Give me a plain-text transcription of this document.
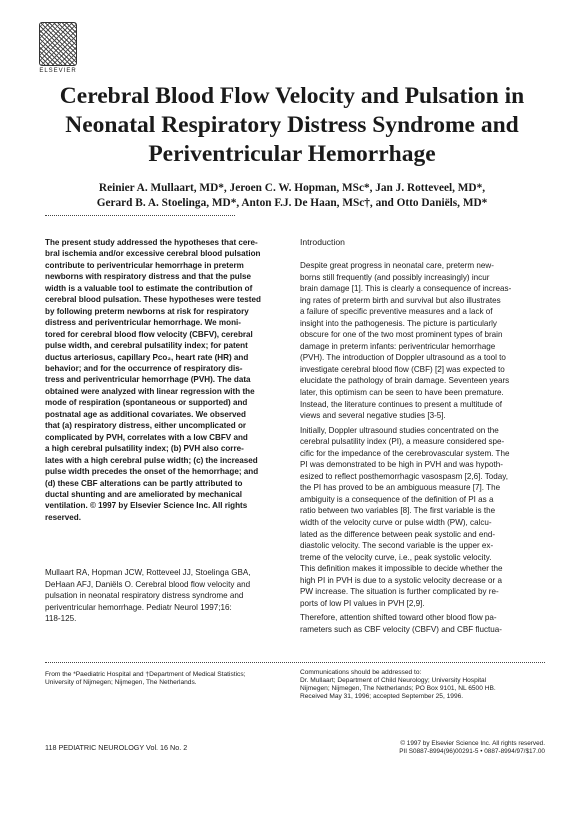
ELSEVIER
Cerebral Blood Flow Velocity and Pulsation in
Neonatal Respiratory Distress Syndrome and
Periventricular Hemorrhage
Reinier A. Mullaart, MD*, Jeroen C. W. Hopman, MSc*, Jan J. Rotteveel, MD*,
Gerard B. A. Stoelinga, MD*, Anton F.J. De Haan, MSc†, and Otto Daniëls, MD*
The present study addressed the hypotheses that cere-
bral ischemia and/or excessive cerebral blood pulsation
contribute to periventricular hemorrhage in preterm
newborns with respiratory distress and that the pulse
width is a valuable tool to estimate the contribution of
cerebral blood pulsation. These hypotheses were tested
by following preterm newborns at risk for respiratory
distress and periventricular hemorrhage. We moni-
tored for cerebral blood flow velocity (CBFV), cerebral
pulse width, and cerebral pulsatility index; for patent
ductus arteriosus, capillary Pco₂, heart rate (HR) and
behavior; and for the occurrence of respiratory dis-
tress and periventricular hemorrhage (PVH). The data
obtained were analyzed with linear regression with the
mode of respiration (spontaneous or supported) and
postnatal age as additional covariates. We observed
that (a) respiratory distress, either uncomplicated or
complicated by PVH, correlates with a low CBFV and
a high cerebral pulsatility index; (b) PVH also corre-
lates with a high cerebral pulse width; (c) the increased
pulse width precedes the onset of the hemorrhage; and
(d) these CBF alterations can be partly attributed to
ductal shunting and are ameliorated by mechanical
ventilation. © 1997 by Elsevier Science Inc. All rights
reserved.
Mullaart RA, Hopman JCW, Rotteveel JJ, Stoelinga GBA,
DeHaan AFJ, Daniëls O. Cerebral blood flow velocity and
pulsation in neonatal respiratory distress syndrome and
periventricular hemorrhage. Pediatr Neurol 1997;16:
118-125.
Introduction
Despite great progress in neonatal care, preterm new-
borns still frequently (and possibly increasingly) incur
brain damage [1]. This is clearly a consequence of increas-
ing rates of preterm birth and survival but also illustrates
a failure of specific preventive measures and a lack of
insight into the pathogenesis. The picture is particularly
obscure for one of the two most prominent types of brain
damage in preterm infants: periventricular hemorrhage
(PVH). The introduction of Doppler ultrasound as a tool to
investigate cerebral blood flow (CBF) [2] was expected to
elucidate the pathology of brain damage. Seventeen years
later, this optimism can be seen to have been premature.
Instead, the literature continues to present a multitude of
views and several negative studies [3-5].
Initially, Doppler ultrasound studies concentrated on the
cerebral pulsatility index (PI), a measure considered spe-
cific for the impedance of the cerebrovascular system. The
PI was demonstrated to be high in PVH and was hypoth-
esized to reflect posthemorrhagic vasospasm [2,6]. Today,
the PI has proved to be an ambiguous measure [7]. The
ambiguity is a consequence of the definition of PI as a
ratio between two variables [8]. The first variable is the
width of the velocity curve or pulse width (PW), calcu-
lated as the difference between peak systolic and end-
diastolic velocity. The second variable is the upper ex-
treme of the velocity curve, i.e., peak systolic velocity.
This definition makes it impossible to decide whether the
high PI in PVH is due to a systolic velocity decrease or a
PW increase. The situation is further complicated by re-
ports of low PI values in PVH [2,9].
Therefore, attention shifted toward other blood flow pa-
rameters such as CBF velocity (CBFV) and CBF fluctua-
From the *Paediatric Hospital and †Department of Medical Statistics;
University of Nijmegen; Nijmegen, The Netherlands.
Communications should be addressed to:
Dr. Mullaart; Department of Child Neurology; University Hospital
Nijmegen; Nijmegen, The Netherlands; PO Box 9101, NL 6500 HB.
Received May 31, 1996; accepted September 25, 1996.
118 PEDIATRIC NEUROLOGY Vol. 16 No. 2	© 1997 by Elsevier Science Inc. All rights reserved.
PII S0887-8994(96)00291-5 • 0887-8994/97/$17.00
